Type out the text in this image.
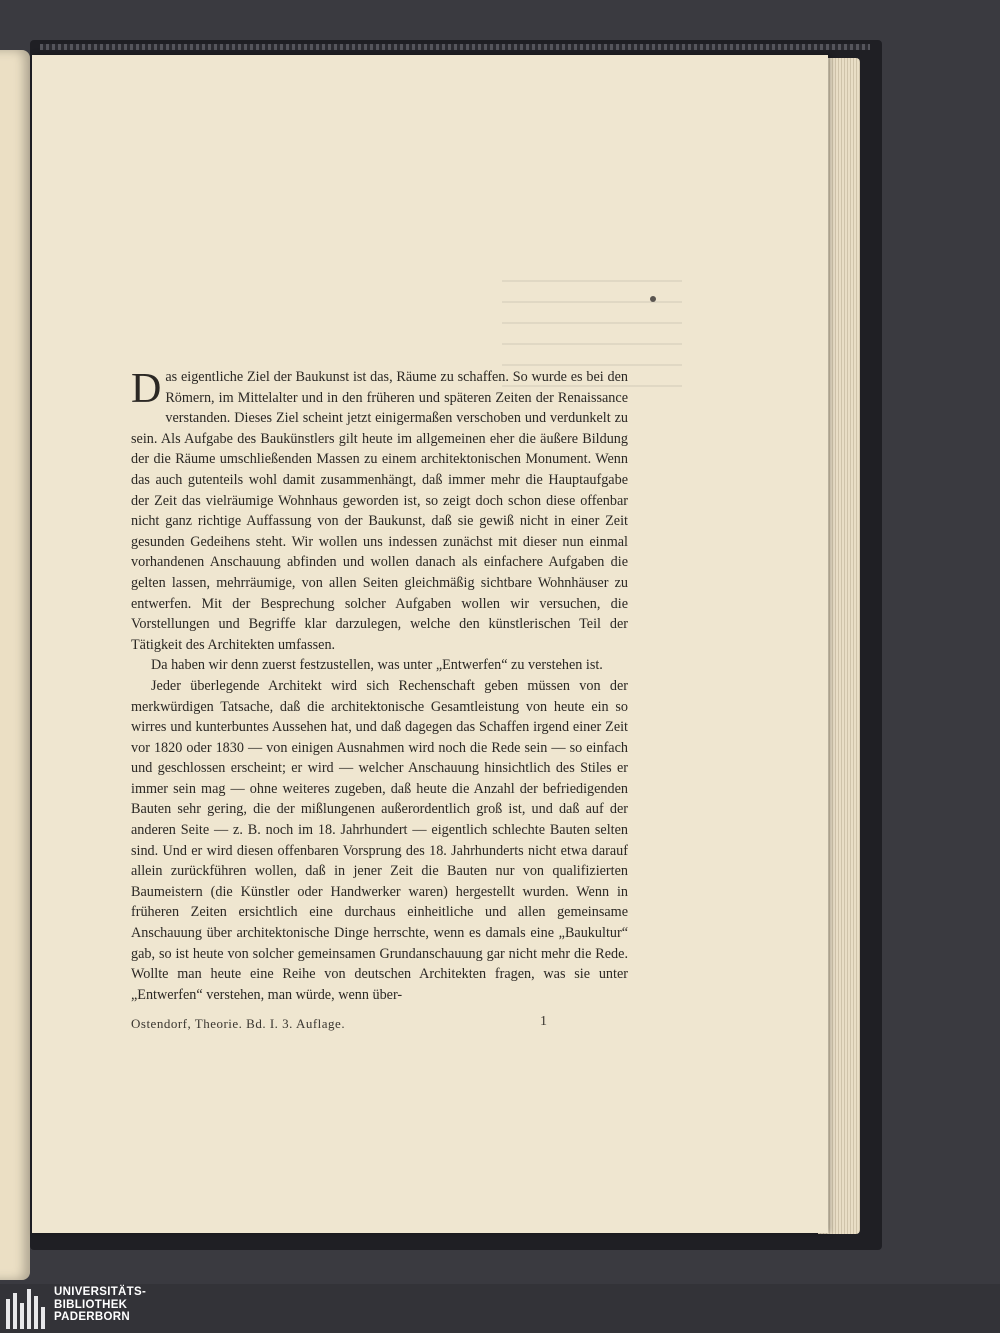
Das eigentliche Ziel der Baukunst ist das, Räume zu schaffen. So wurde es bei den Römern, im Mittelalter und in den früheren und späteren Zeiten der Renaissance verstanden. Dieses Ziel scheint jetzt einigermaßen verschoben und verdunkelt zu sein. Als Aufgabe des Baukünstlers gilt heute im allgemeinen eher die äußere Bildung der die Räume umschließenden Massen zu einem architektonischen Monument. Wenn das auch gutenteils wohl damit zusammenhängt, daß immer mehr die Hauptaufgabe der Zeit das vielräumige Wohnhaus geworden ist, so zeigt doch schon diese offenbar nicht ganz richtige Auffassung von der Baukunst, daß sie gewiß nicht in einer Zeit gesunden Gedeihens steht. Wir wollen uns indessen zunächst mit dieser nun einmal vorhandenen Anschauung abfinden und wollen danach als einfachere Aufgaben die gelten lassen, mehrräumige, von allen Seiten gleichmäßig sichtbare Wohnhäuser zu entwerfen. Mit der Besprechung solcher Aufgaben wollen wir versuchen, die Vorstellungen und Begriffe klar darzulegen, welche den künstlerischen Teil der Tätigkeit des Architekten umfassen.

Da haben wir denn zuerst festzustellen, was unter „Entwerfen“ zu verstehen ist.

Jeder überlegende Architekt wird sich Rechenschaft geben müssen von der merkwürdigen Tatsache, daß die architektonische Gesamtleistung von heute ein so wirres und kunterbuntes Aussehen hat, und daß dagegen das Schaffen irgend einer Zeit vor 1820 oder 1830 — von einigen Ausnahmen wird noch die Rede sein — so einfach und geschlossen erscheint; er wird — welcher Anschauung hinsichtlich des Stiles er immer sein mag — ohne weiteres zugeben, daß heute die Anzahl der befriedigenden Bauten sehr gering, die der mißlungenen außerordentlich groß ist, und daß auf der anderen Seite — z. B. noch im 18. Jahrhundert — eigentlich schlechte Bauten selten sind. Und er wird diesen offenbaren Vorsprung des 18. Jahrhunderts nicht etwa darauf allein zurückführen wollen, daß in jener Zeit die Bauten nur von qualifizierten Baumeistern (die Künstler oder Handwerker waren) hergestellt wurden. Wenn in früheren Zeiten ersichtlich eine durchaus einheitliche und allen gemeinsame Anschauung über architektonische Dinge herrschte, wenn es damals eine „Baukultur“ gab, so ist heute von solcher gemeinsamen Grundanschauung gar nicht mehr die Rede. Wollte man heute eine Reihe von deutschen Architekten fragen, was sie unter „Entwerfen“ verstehen, man würde, wenn über-

Ostendorf, Theorie. Bd. I. 3. Auflage.	1
UNIVERSITÄTS-
BIBLIOTHEK
PADERBORN
